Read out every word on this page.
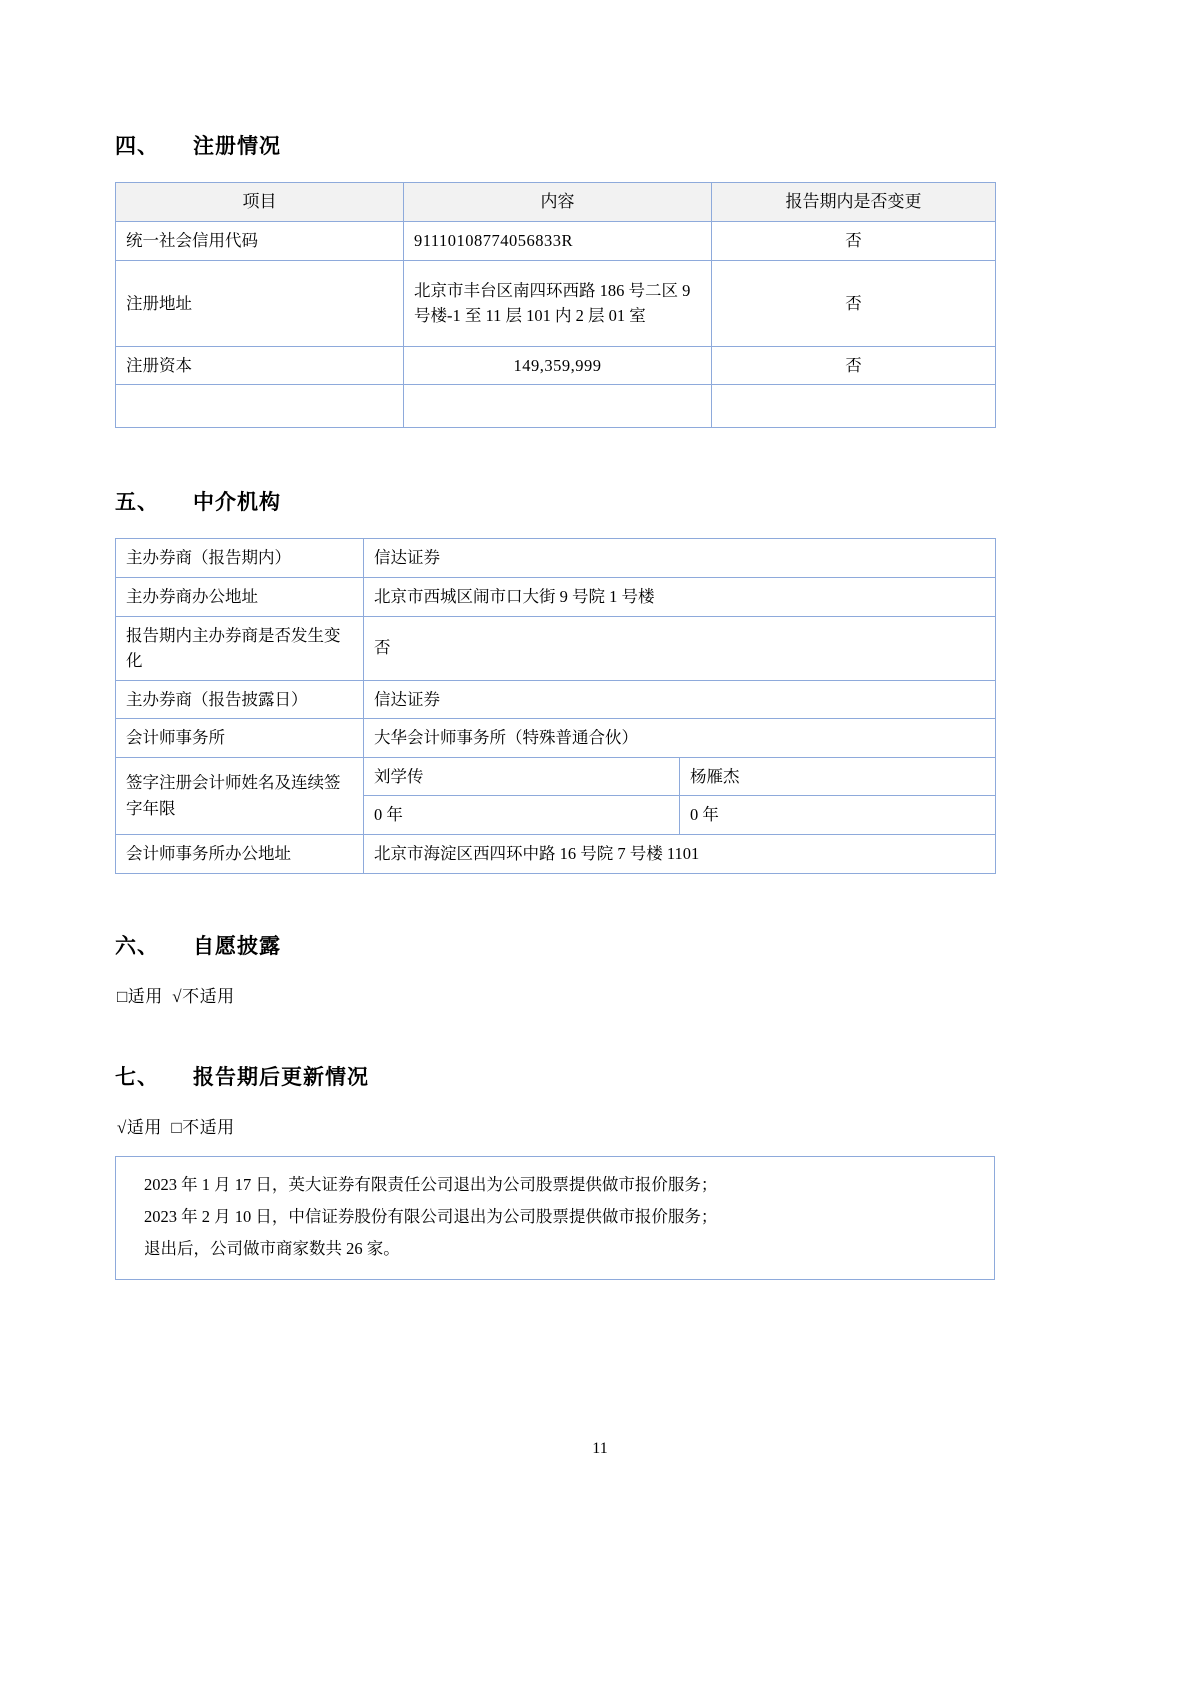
四、 注册情况
项目	内容	报告期内是否变更
统一社会信用代码	91110108774056833R	否
注册地址	北京市丰台区南四环西路 186 号二区 9 号楼-1 至 11 层 101 内 2 层 01 室	否
注册资本	149,359,999	否

五、 中介机构
主办券商（报告期内）	信达证券	
主办券商办公地址	北京市西城区闹市口大街 9 号院 1 号楼	
报告期内主办券商是否发生变化	否	
主办券商（报告披露日）	信达证券	
会计师事务所	大华会计师事务所（特殊普通合伙）	
签字注册会计师姓名及连续签字年限	刘学传	杨雁杰
	0 年	0 年
会计师事务所办公地址	北京市海淀区西四环中路 16 号院 7 号楼 1101	
六、 自愿披露

□适用 √不适用

七、 报告期后更新情况

√适用 □不适用

2023 年 1 月 17 日，英大证券有限责任公司退出为公司股票提供做市报价服务；

2023 年 2 月 10 日，中信证券股份有限公司退出为公司股票提供做市报价服务；

退出后，公司做市商家数共 26 家。

11
